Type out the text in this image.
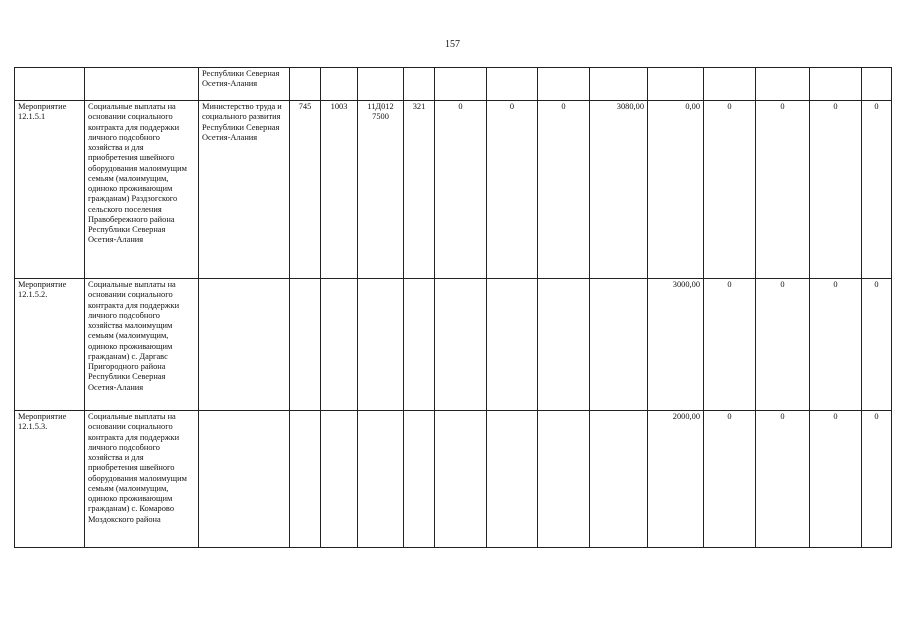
157
		Республики Северная Осетия-Алания													
Мероприятие 12.1.5.1	Социальные выплаты на основании социального контракта для поддержки личного подсобного хозяйства и для приобретения швейного оборудования малоимущим семьям (малоимущим, одиноко проживающим гражданам) Раздзогского сельского поселения Правобережного района Республики Северная Осетия-Алания	Министерство труда и социального развития Республики Северная Осетия-Алания	745	1003	11Д012 7500	321	0	0	0	3080,00	0,00	0	0	0	0
Мероприятие 12.1.5.2.	Социальные выплаты на основании социального контракта для поддержки личного подсобного хозяйства малоимущим семьям (малоимущим, одиноко проживающим гражданам) с. Даргавс Пригородного района Республики Северная Осетия-Алания										3000,00	0	0	0	0
Мероприятие 12.1.5.3.	Социальные выплаты на основании социального контракта для поддержки личного подсобного хозяйства и для приобретения швейного оборудования малоимущим семьям (малоимущим, одиноко проживающим гражданам) с. Комарово Моздокского района										2000,00	0	0	0	0
